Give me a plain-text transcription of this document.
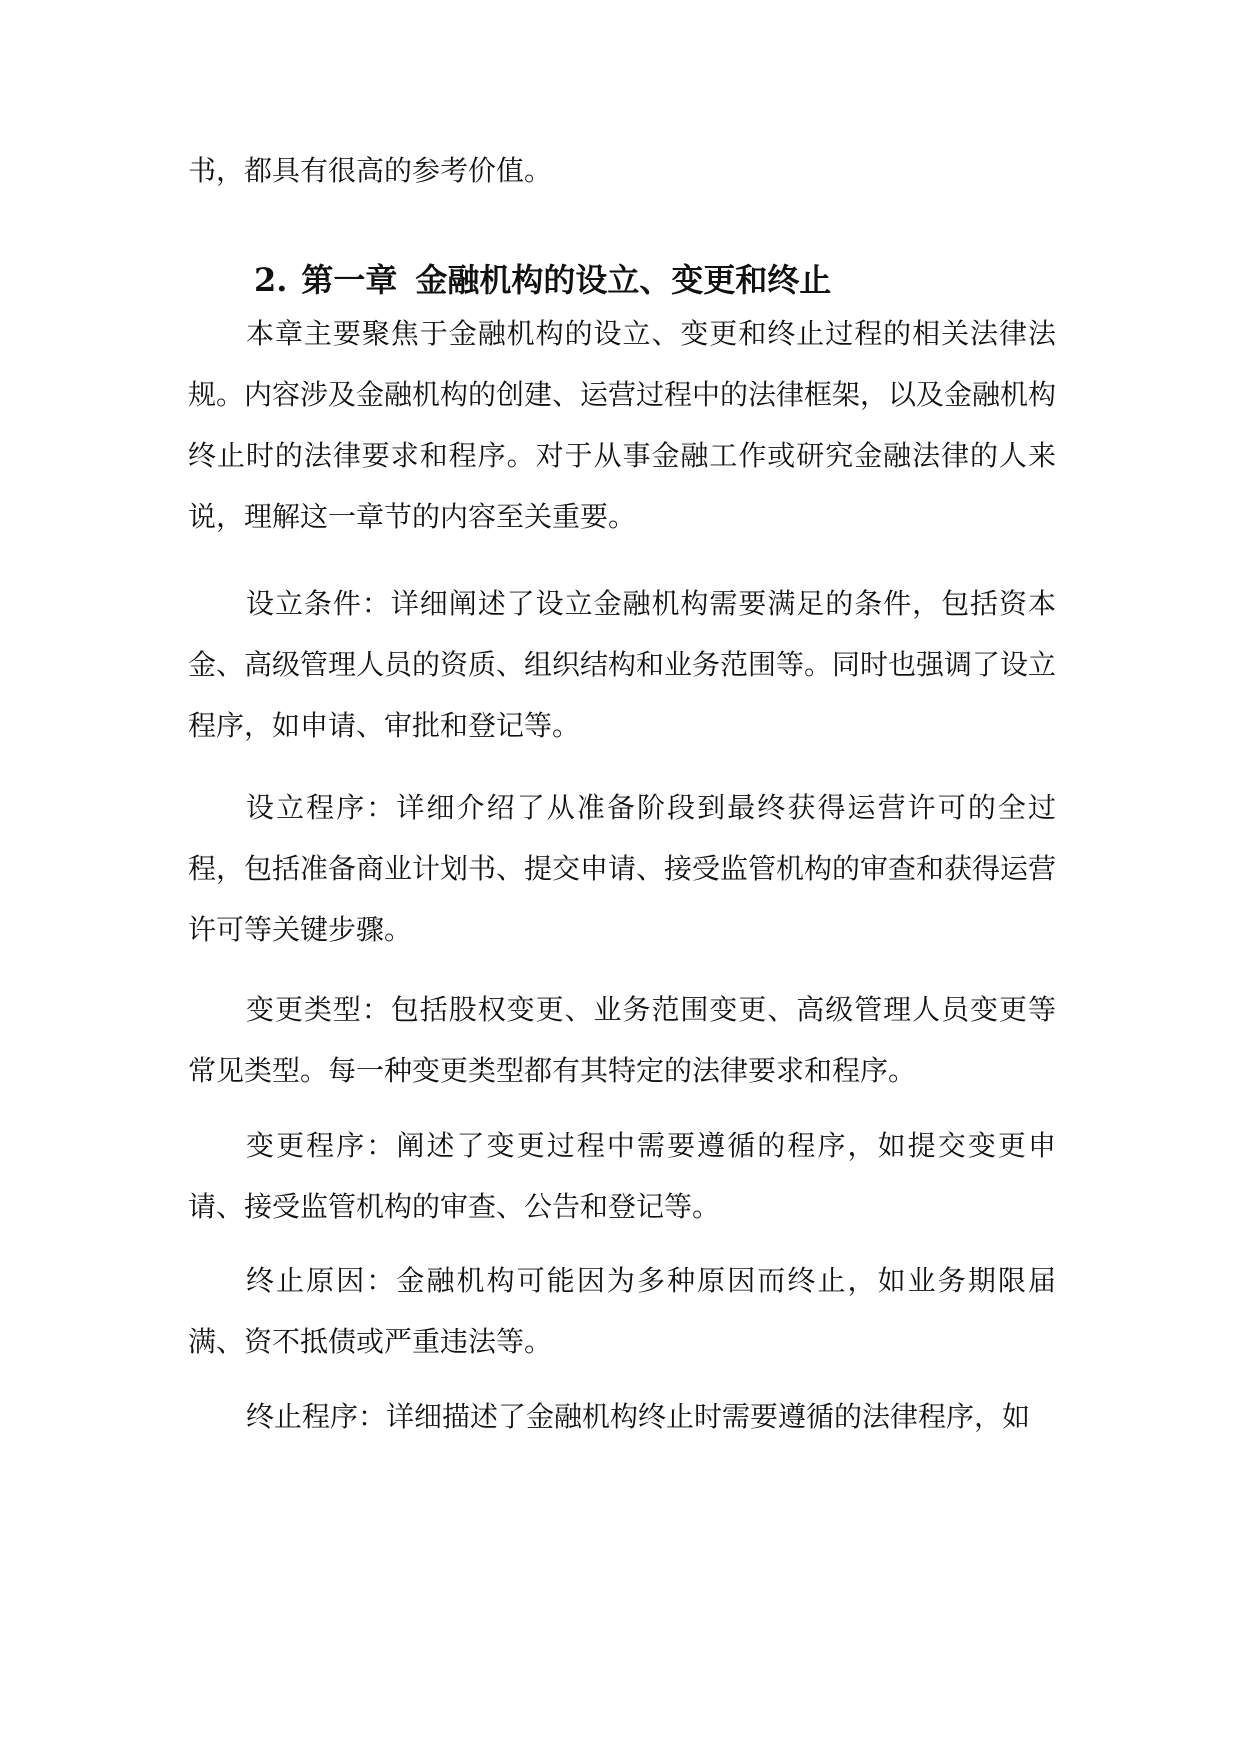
书，都具有很高的参考价值。

2. 第一章 金融机构的设立、变更和终止

本章主要聚焦于金融机构的设立、变更和终止过程的相关法律法规。内容涉及金融机构的创建、运营过程中的法律框架，以及金融机构终止时的法律要求和程序。对于从事金融工作或研究金融法律的人来说，理解这一章节的内容至关重要。

设立条件：详细阐述了设立金融机构需要满足的条件，包括资本金、高级管理人员的资质、组织结构和业务范围等。同时也强调了设立程序，如申请、审批和登记等。

设立程序：详细介绍了从准备阶段到最终获得运营许可的全过程，包括准备商业计划书、提交申请、接受监管机构的审查和获得运营许可等关键步骤。

变更类型：包括股权变更、业务范围变更、高级管理人员变更等常见类型。每一种变更类型都有其特定的法律要求和程序。

变更程序：阐述了变更过程中需要遵循的程序，如提交变更申请、接受监管机构的审查、公告和登记等。

终止原因：金融机构可能因为多种原因而终止，如业务期限届满、资不抵债或严重违法等。

终止程序：详细描述了金融机构终止时需要遵循的法律程序，如
